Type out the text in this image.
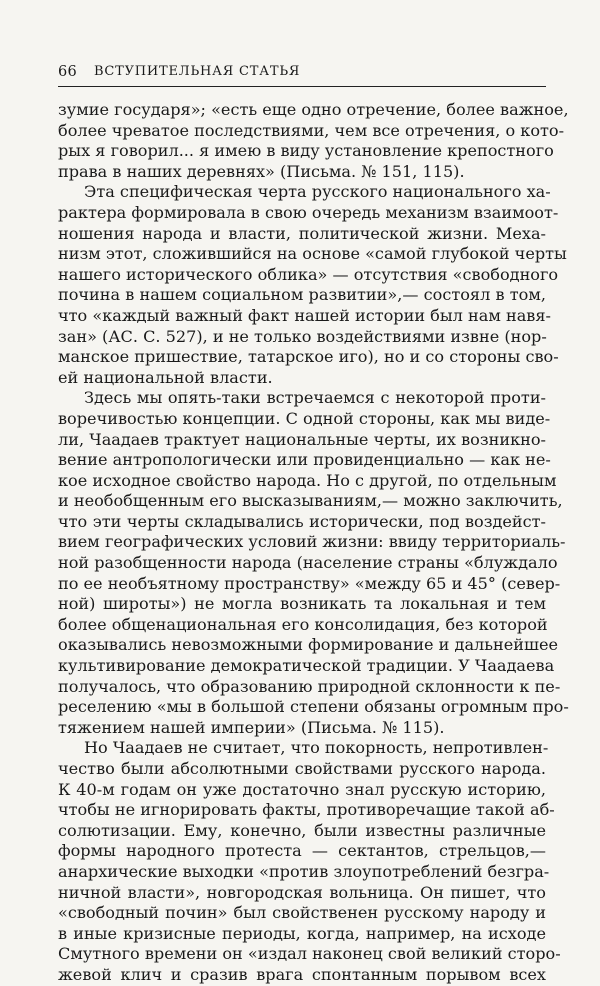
66 ВСТУПИТЕЛЬНАЯ СТАТЬЯ
зумие государя»; «есть еще одно отречение, более важное,
более чреватое последствиями, чем все отречения, о кото-
рых я говорил... я имею в виду установление крепостного
права в наших деревнях» (Письма. № 151, 115).
Эта специфическая черта русского национального ха-
рактера формировала в свою очередь механизм взаимоот-
ношения народа и власти, политической жизни. Меха-
низм этот, сложившийся на основе «самой глубокой черты
нашего исторического облика» — отсутствия «свободного
почина в нашем социальном развитии»,— состоял в том,
что «каждый важный факт нашей истории был нам навя-
зан» (АС. С. 527), и не только воздействиями извне (нор-
манское пришествие, татарское иго), но и со стороны сво-
ей национальной власти.
Здесь мы опять-таки встречаемся с некоторой проти-
воречивостью концепции. С одной стороны, как мы виде-
ли, Чаадаев трактует национальные черты, их возникно-
вение антропологически или провиденциально — как не-
кое исходное свойство народа. Но с другой, по отдельным
и необобщенным его высказываниям,— можно заключить,
что эти черты складывались исторически, под воздейст-
вием географических условий жизни: ввиду территориаль-
ной разобщенности народа (население страны «блуждало
по ее необъятному пространству» «между 65 и 45° (север-
ной) широты») не могла возникать та локальная и тем
более общенациональная его консолидация, без которой
оказывались невозможными формирование и дальнейшее
культивирование демократической традиции. У Чаадаева
получалось, что образованию природной склонности к пе-
реселению «мы в большой степени обязаны огромным про-
тяжением нашей империи» (Письма. № 115).
Но Чаадаев не считает, что покорность, непротивлен-
чество были абсолютными свойствами русского народа.
К 40-м годам он уже достаточно знал русскую историю,
чтобы не игнорировать факты, противоречащие такой аб-
солютизации. Ему, конечно, были известны различные
формы народного протеста — сектантов, стрельцов,—
анархические выходки «против злоупотреблений безгра-
ничной власти», новгородская вольница. Он пишет, что
«свободный почин» был свойственен русскому народу и
в иные кризисные периоды, когда, например, на исходе
Смутного времени он «издал наконец свой великий сторо-
жевой клич и сразив врага спонтанным порывом всех
